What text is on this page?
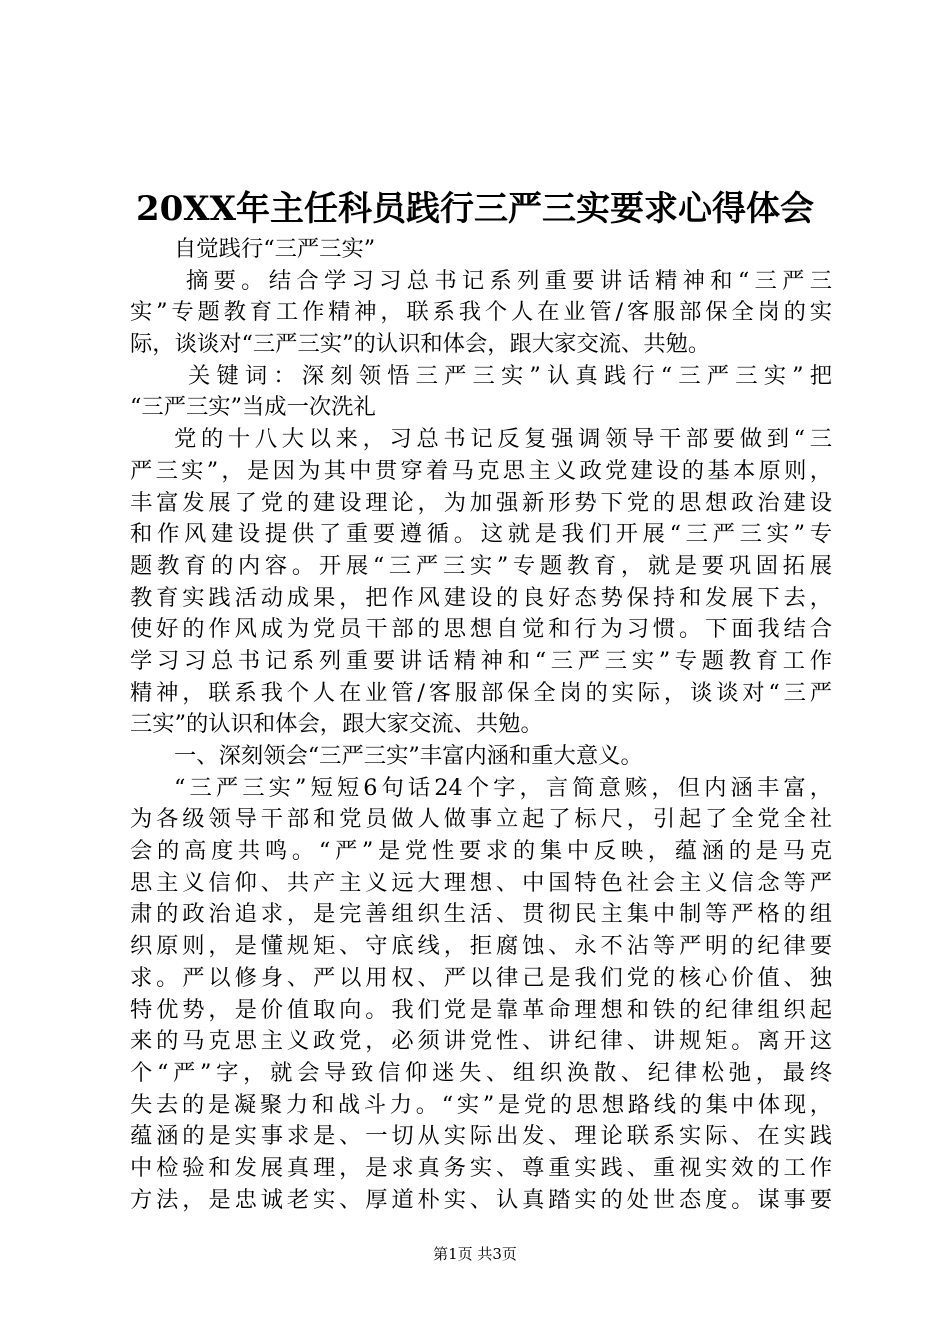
20XX年主任科员践行三严三实要求心得体会
自觉践行“三严三实”
摘要。结合学习习总书记系列重要讲话精神和“三严三
实”专题教育工作精神，联系我个人在业管/客服部保全岗的实
际，谈谈对“三严三实”的认识和体会，跟大家交流、共勉。
关键词：深刻领悟三严三实”认真践行“三严三实”把
“三严三实”当成一次洗礼
党的十八大以来，习总书记反复强调领导干部要做到“三
严三实”，是因为其中贯穿着马克思主义政党建设的基本原则，
丰富发展了党的建设理论，为加强新形势下党的思想政治建设
和作风建设提供了重要遵循。这就是我们开展“三严三实”专
题教育的内容。开展“三严三实”专题教育，就是要巩固拓展
教育实践活动成果，把作风建设的良好态势保持和发展下去，
使好的作风成为党员干部的思想自觉和行为习惯。下面我结合
学习习总书记系列重要讲话精神和“三严三实”专题教育工作
精神，联系我个人在业管/客服部保全岗的实际，谈谈对“三严
三实”的认识和体会，跟大家交流、共勉。
一、深刻领会“三严三实”丰富内涵和重大意义。
“三严三实”短短6句话24个字，言简意赅，但内涵丰富，
为各级领导干部和党员做人做事立起了标尺，引起了全党全社
会的高度共鸣。“严”是党性要求的集中反映，蕴涵的是马克
思主义信仰、共产主义远大理想、中国特色社会主义信念等严
肃的政治追求，是完善组织生活、贯彻民主集中制等严格的组
织原则，是懂规矩、守底线，拒腐蚀、永不沾等严明的纪律要
求。严以修身、严以用权、严以律己是我们党的核心价值、独
特优势，是价值取向。我们党是靠革命理想和铁的纪律组织起
来的马克思主义政党，必须讲党性、讲纪律、讲规矩。离开这
个“严”字，就会导致信仰迷失、组织涣散、纪律松弛，最终
失去的是凝聚力和战斗力。“实”是党的思想路线的集中体现，
蕴涵的是实事求是、一切从实际出发、理论联系实际、在实践
中检验和发展真理，是求真务实、尊重实践、重视实效的工作
方法，是忠诚老实、厚道朴实、认真踏实的处世态度。谋事要
第1页 共3页
